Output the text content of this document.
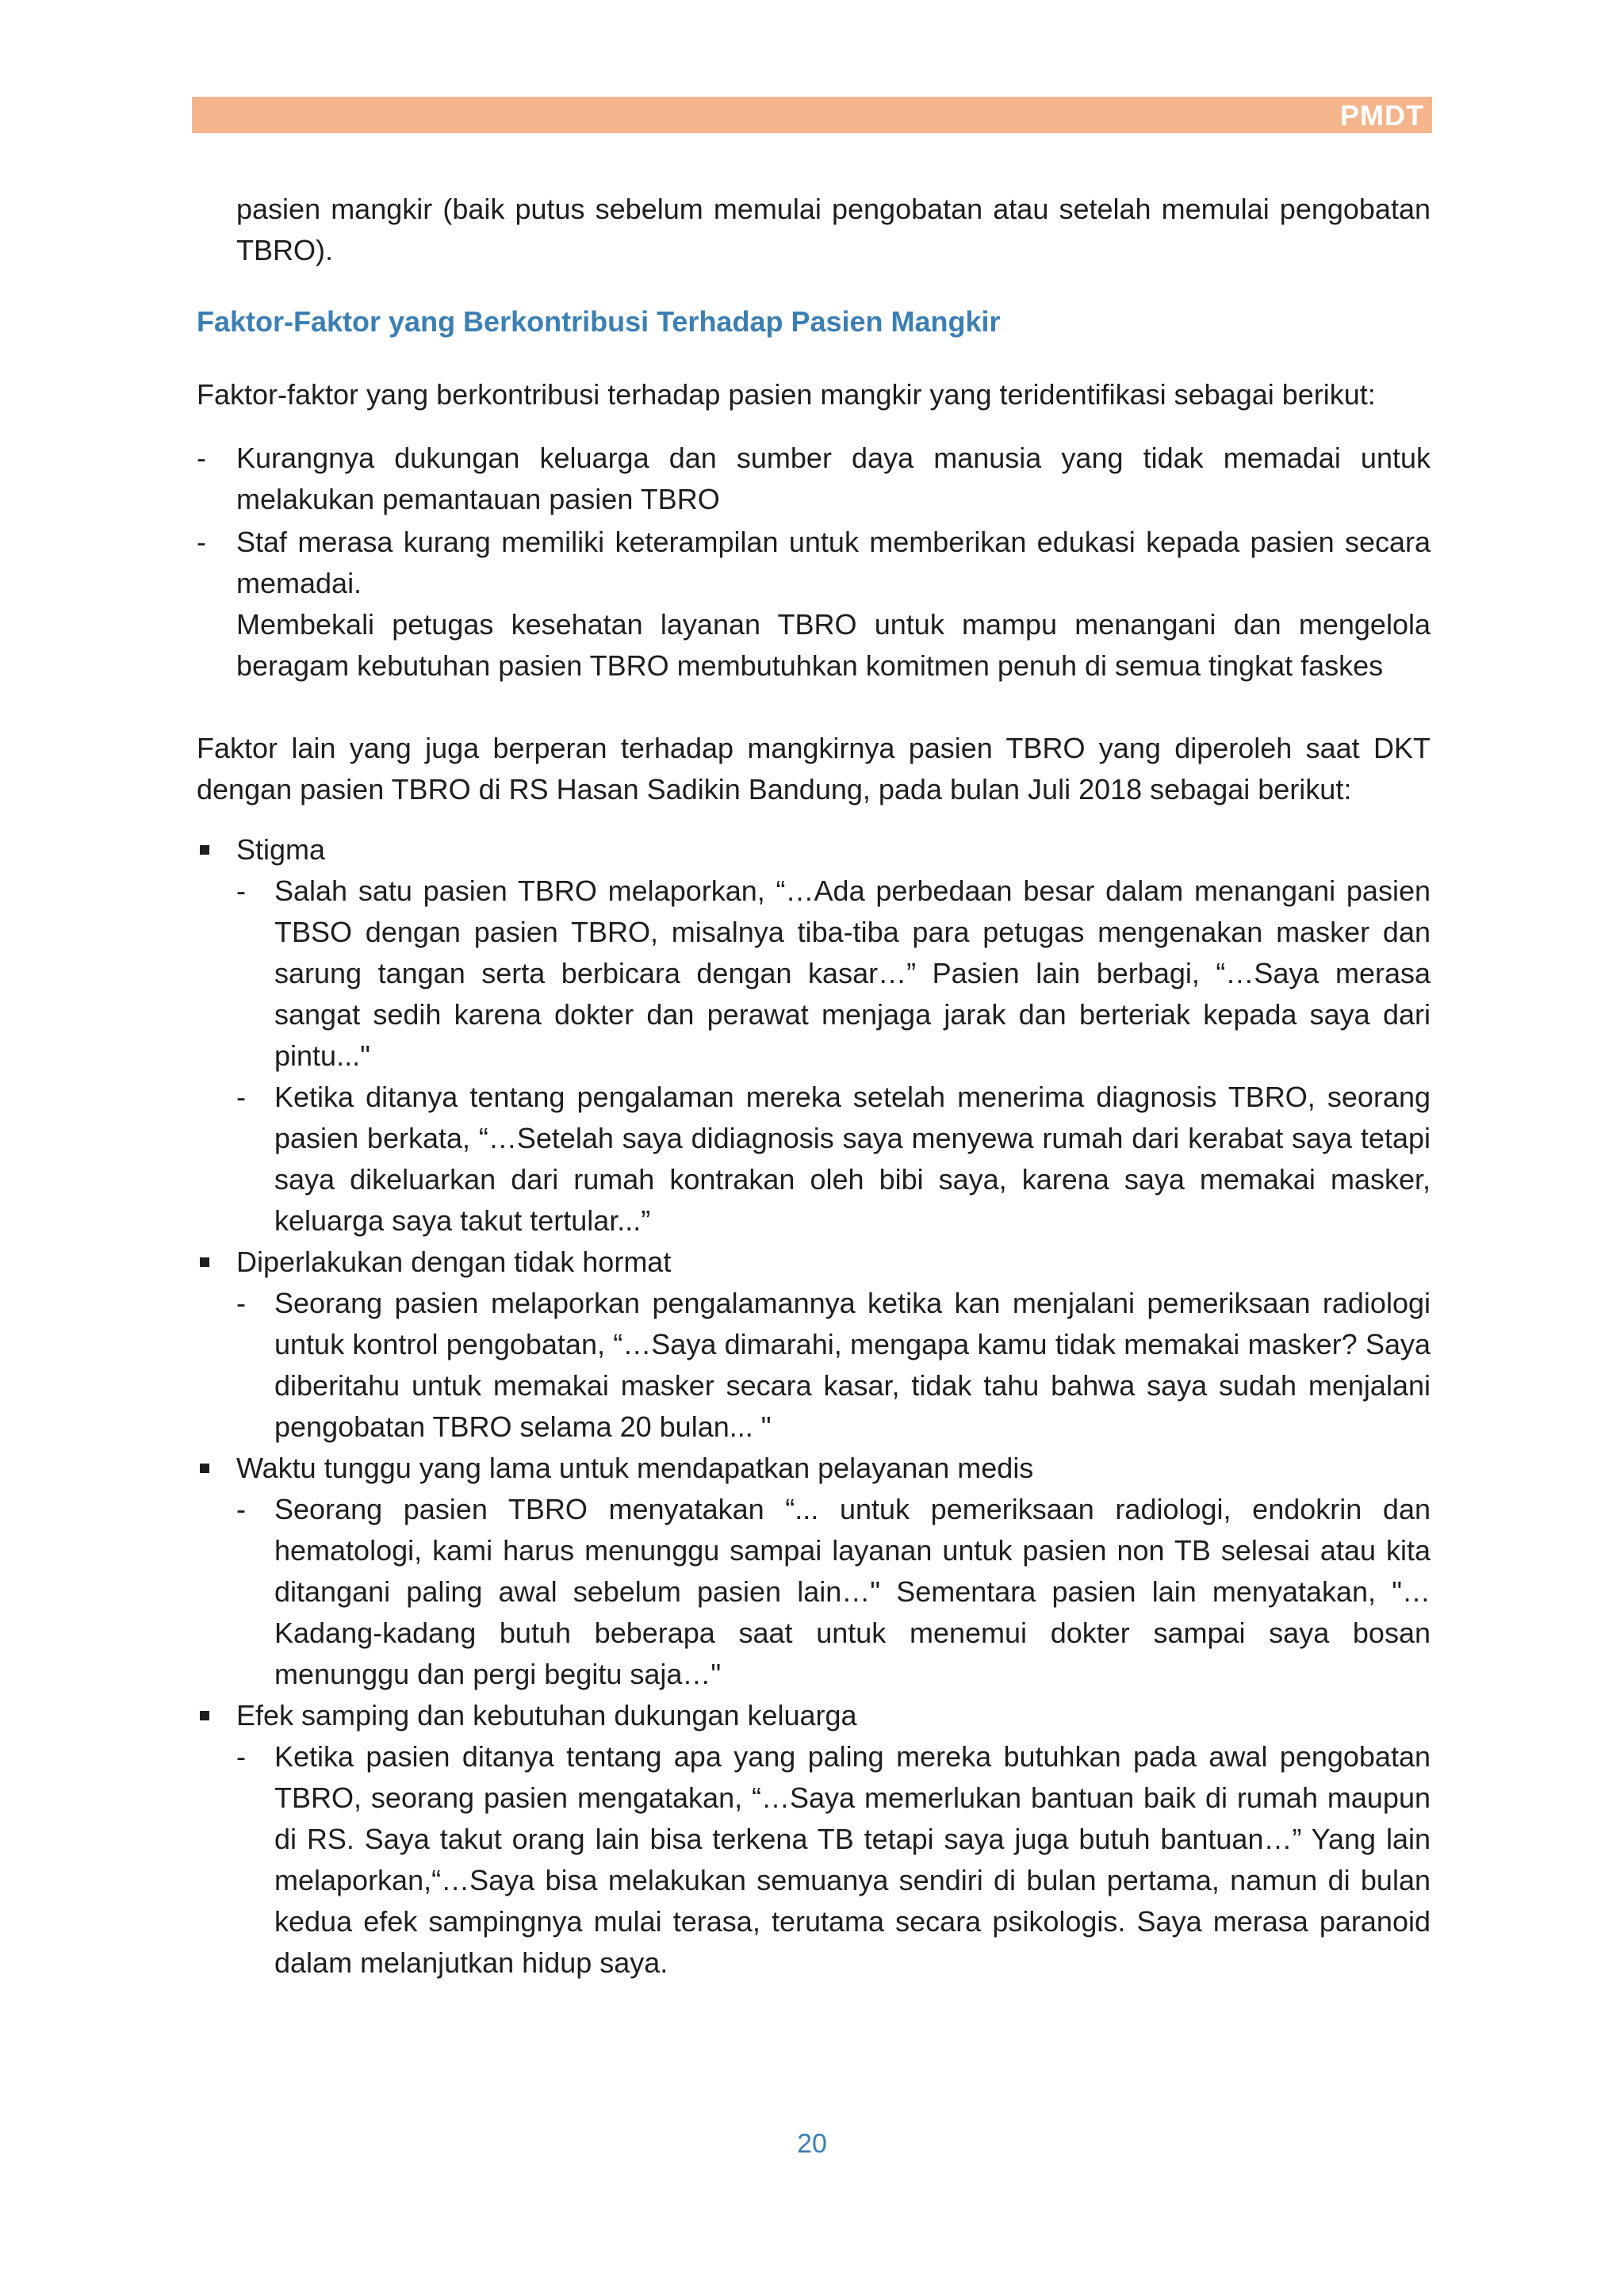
PMDT

pasien mangkir (baik putus sebelum memulai pengobatan atau setelah memulai pengobatan TBRO).

Faktor-Faktor yang Berkontribusi Terhadap Pasien Mangkir

Faktor-faktor yang berkontribusi terhadap pasien mangkir yang teridentifikasi sebagai berikut:

- Kurangnya dukungan keluarga dan sumber daya manusia yang tidak memadai untuk melakukan pemantauan pasien TBRO
- Staf merasa kurang memiliki keterampilan untuk memberikan edukasi kepada pasien secara memadai.

Membekali petugas kesehatan layanan TBRO untuk mampu menangani dan mengelola beragam kebutuhan pasien TBRO membutuhkan komitmen penuh di semua tingkat faskes

Faktor lain yang juga berperan terhadap mangkirnya pasien TBRO yang diperoleh saat DKT dengan pasien TBRO di RS Hasan Sadikin Bandung, pada bulan Juli 2018 sebagai berikut:

Stigma
- Salah satu pasien TBRO melaporkan, “…Ada perbedaan besar dalam menangani pasien TBSO dengan pasien TBRO, misalnya tiba-tiba para petugas mengenakan masker dan sarung tangan serta berbicara dengan kasar…” Pasien lain berbagi, “…Saya merasa sangat sedih karena dokter dan perawat menjaga jarak dan berteriak kepada saya dari pintu..."
- Ketika ditanya tentang pengalaman mereka setelah menerima diagnosis TBRO, seorang pasien berkata, “…Setelah saya didiagnosis saya menyewa rumah dari kerabat saya tetapi saya dikeluarkan dari rumah kontrakan oleh bibi saya, karena saya memakai masker, keluarga saya takut tertular...”
Diperlakukan dengan tidak hormat
- Seorang pasien melaporkan pengalamannya ketika kan menjalani pemeriksaan radiologi untuk kontrol pengobatan, “…Saya dimarahi, mengapa kamu tidak memakai masker? Saya diberitahu untuk memakai masker secara kasar, tidak tahu bahwa saya sudah menjalani pengobatan TBRO selama 20 bulan... "
Waktu tunggu yang lama untuk mendapatkan pelayanan medis
- Seorang pasien TBRO menyatakan “... untuk pemeriksaan radiologi, endokrin dan hematologi, kami harus menunggu sampai layanan untuk pasien non TB selesai atau kita ditangani paling awal sebelum pasien lain…" Sementara pasien lain menyatakan, "…Kadang-kadang butuh beberapa saat untuk menemui dokter sampai saya bosan menunggu dan pergi begitu saja…"
Efek samping dan kebutuhan dukungan keluarga
- Ketika pasien ditanya tentang apa yang paling mereka butuhkan pada awal pengobatan TBRO, seorang pasien mengatakan, “…Saya memerlukan bantuan baik di rumah maupun di RS. Saya takut orang lain bisa terkena TB tetapi saya juga butuh bantuan…” Yang lain melaporkan,“…Saya bisa melakukan semuanya sendiri di bulan pertama, namun di bulan kedua efek sampingnya mulai terasa, terutama secara psikologis. Saya merasa paranoid dalam melanjutkan hidup saya.
20
